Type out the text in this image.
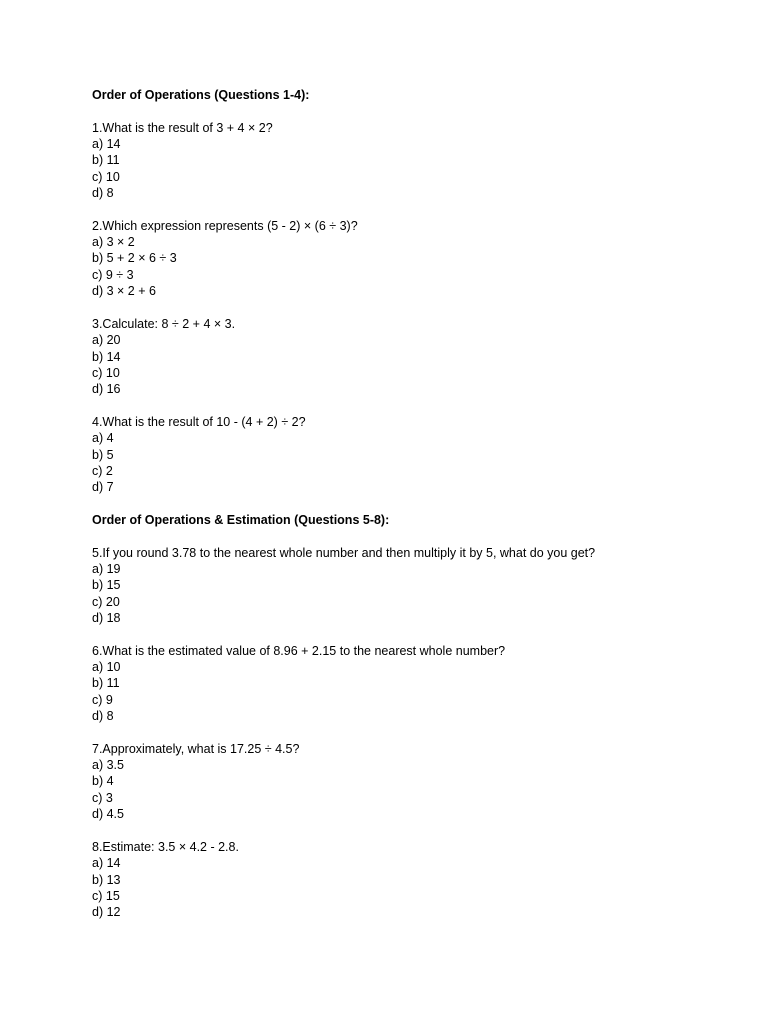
Order of Operations (Questions 1-4):
1.What is the result of 3 + 4 × 2?
a) 14
b) 11
c) 10
d) 8
2.Which expression represents (5 - 2) × (6 ÷ 3)?
a) 3 × 2
b) 5 + 2 × 6 ÷ 3
c) 9 ÷ 3
d) 3 × 2 + 6
3.Calculate: 8 ÷ 2 + 4 × 3.
a) 20
b) 14
c) 10
d) 16
4.What is the result of 10 - (4 + 2) ÷ 2?
a) 4
b) 5
c) 2
d) 7
Order of Operations & Estimation (Questions 5-8):
5.If you round 3.78 to the nearest whole number and then multiply it by 5, what do you get?
a) 19
b) 15
c) 20
d) 18
6.What is the estimated value of 8.96 + 2.15 to the nearest whole number?
a) 10
b) 11
c) 9
d) 8
7.Approximately, what is 17.25 ÷ 4.5?
a) 3.5
b) 4
c) 3
d) 4.5
8.Estimate: 3.5 × 4.2 - 2.8.
a) 14
b) 13
c) 15
d) 12
